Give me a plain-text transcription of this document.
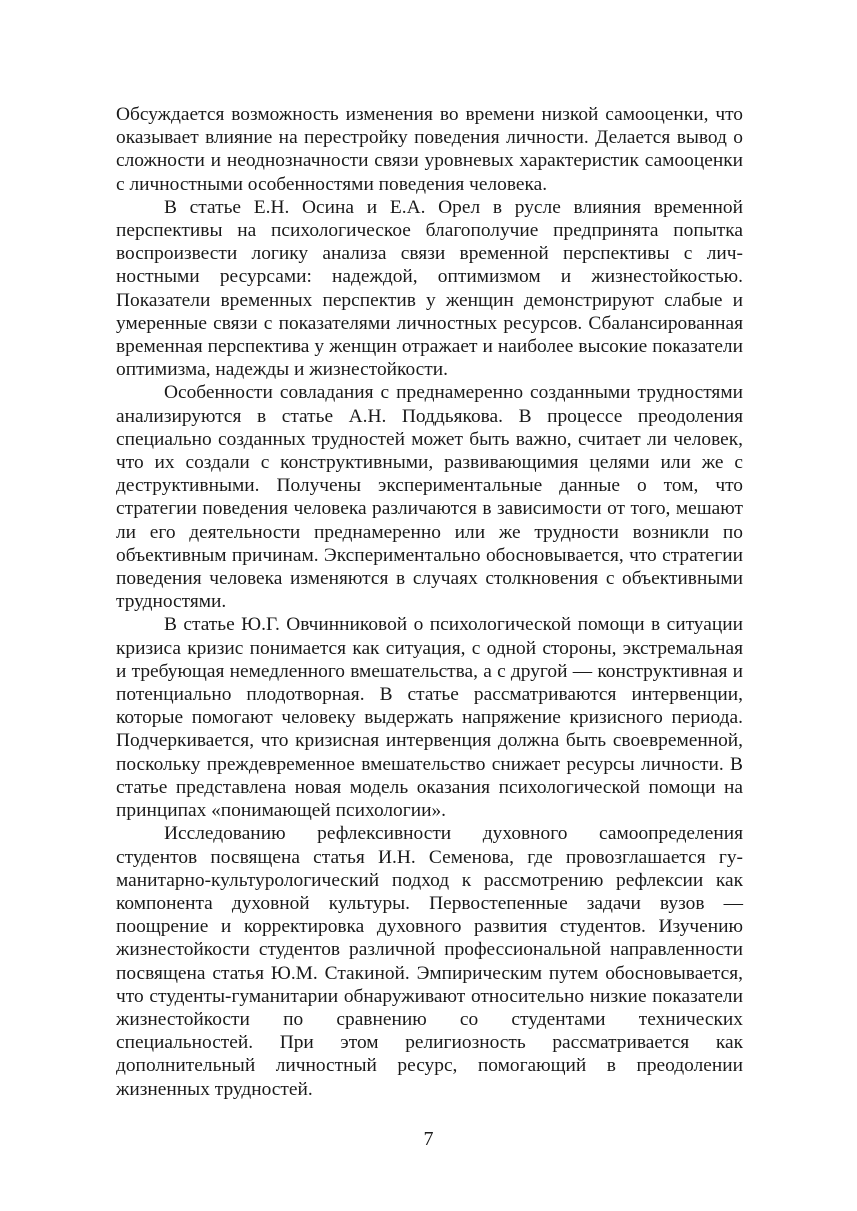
Обсуждается возможность изменения во времени низкой самооценки, что оказывает влияние на перестройку поведения личности. Делается вывод о сложности и неоднозначности связи уровневых характеристик самооценки с личностными особенностями поведения человека.

В статье Е.Н. Осина и Е.А. Орел в русле влияния временной перспективы на психологическое благополучие предпринята попытка воспроизвести логику анализа связи временной перспективы с личностными ресурсами: надеждой, оптимизмом и жизнестойкостью. Показатели временных перспектив у женщин демонстрируют слабые и умеренные связи с показателями личностных ресурсов. Сбалансированная временная перспектива у женщин отражает и наиболее высокие показатели оптимизма, надежды и жизнестойкости.

Особенности совладания с преднамеренно созданными трудностями анализируются в статье А.Н. Поддьякова. В процессе преодоления специально созданных трудностей может быть важно, считает ли человек, что их создали с конструктивными, развивающимия целями или же с деструктивными. Получены экспериментальные данные о том, что стратегии поведения человека различаются в зависимости от того, мешают ли его деятельности преднамеренно или же трудности возникли по объективным причинам. Экспериментально обосновывается, что стратегии поведения человека изменяются в случаях столкновения с объективными трудностями.

В статье Ю.Г. Овчинниковой о психологической помощи в ситуации кризиса кризис понимается как ситуация, с одной стороны, экстремальная и требующая немедленного вмешательства, а с другой — конструктивная и потенциально плодотворная. В статье рассматриваются интервенции, которые помогают человеку выдержать напряжение кризисного периода. Подчеркивается, что кризисная интервенция должна быть своевременной, поскольку преждевременное вмешательство снижает ресурсы личности. В статье представлена новая модель оказания психологической помощи на принципах «понимающей психологии».

Исследованию рефлексивности духовного самоопределения студентов посвящена статья И.Н. Семенова, где провозглашается гуманитарно-культурологический подход к рассмотрению рефлексии как компонента духовной культуры. Первостепенные задачи вузов — поощрение и корректировка духовного развития студентов. Изучению жизнестойкости студентов различной профессиональной направленности посвящена статья Ю.М. Стакиной. Эмпирическим путем обосновывается, что студенты-гуманитарии обнаруживают относительно низкие показатели жизнестойкости по сравнению со студентами технических специальностей. При этом религиозность рассматривается как дополнительный личностный ресурс, помогающий в преодолении жизненных трудностей.

7
